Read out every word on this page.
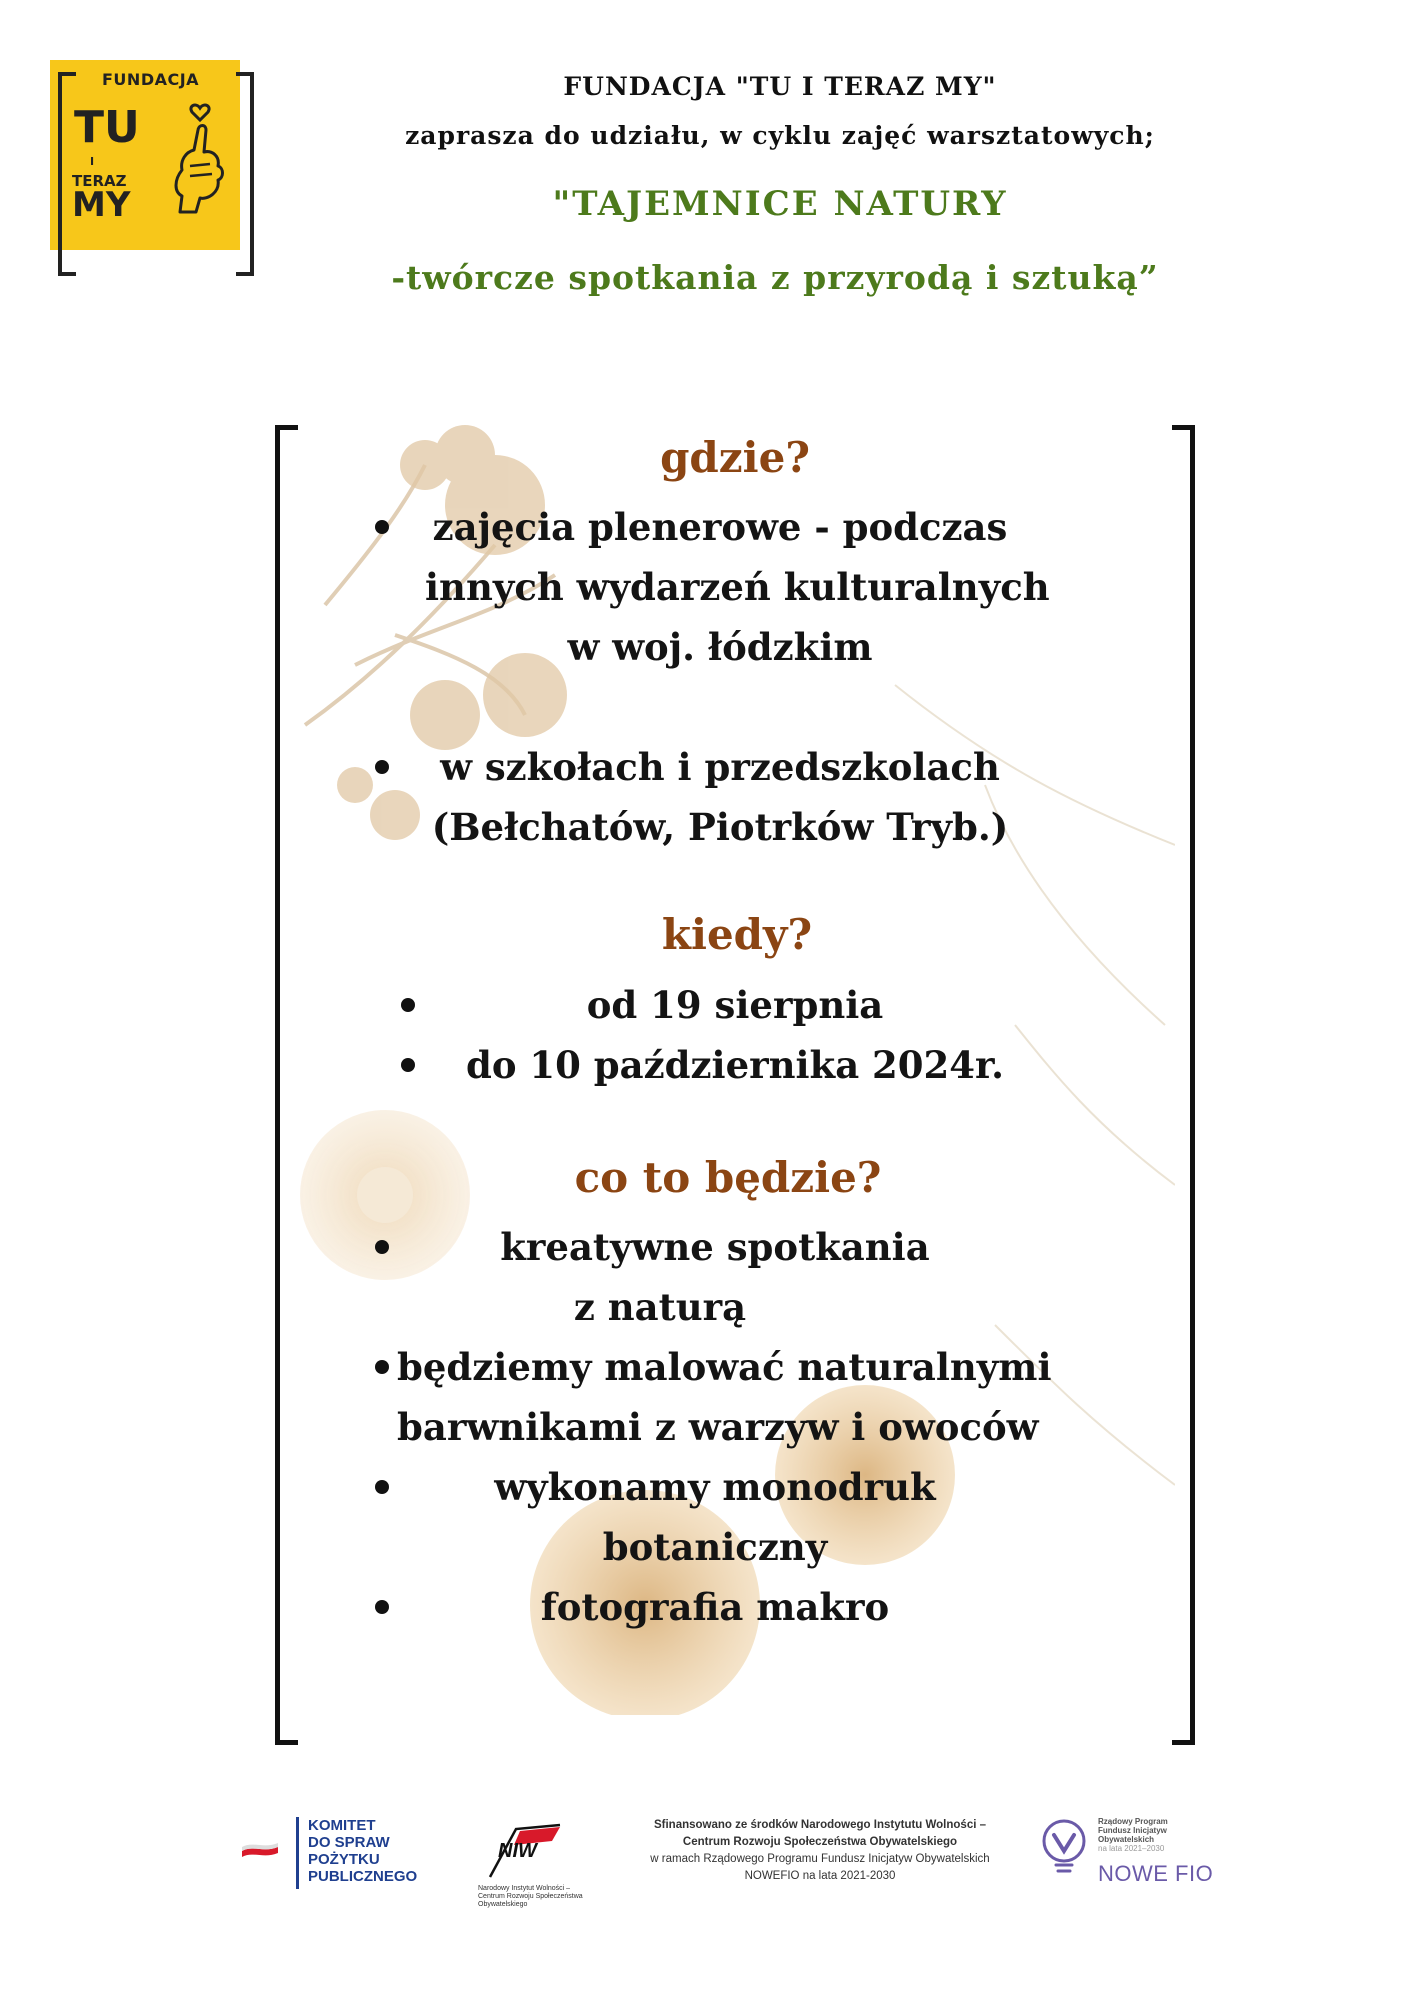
FUNDACJA
TU
I
TERAZ
MY

FUNDACJA "TU I TERAZ MY"

zaprasza do udziału, w cyklu zajęć warsztatowych;

"TAJEMNICE NATURY

-twórcze spotkania z przyrodą i sztuką”

gdzie?
zajęcia plenerowe - podczas
innych wydarzeń kulturalnych
w woj. łódzkim
w szkołach i przedszkolach
(Bełchatów, Piotrków Tryb.)
kiedy?
od 19 sierpnia
do 10 października 2024r.
co to będzie?
kreatywne spotkania
z naturą
będziemy malować naturalnymi
barwnikami z warzyw i owoców
wykonamy monodruk
botaniczny
fotografia makro
KOMITET
DO SPRAW
POŻYTKU
PUBLICZNEGO
NIW
Narodowy Instytut Wolności – Centrum Rozwoju Społeczeństwa Obywatelskiego
Sfinansowano ze środków Narodowego Instytutu Wolności –
Centrum Rozwoju Społeczeństwa Obywatelskiego
w ramach Rządowego Programu Fundusz Inicjatyw Obywatelskich
NOWEFIO na lata 2021-2030
Rządowy Program
Fundusz Inicjatyw
Obywatelskich
na lata 2021–2030
NOWE FIO
